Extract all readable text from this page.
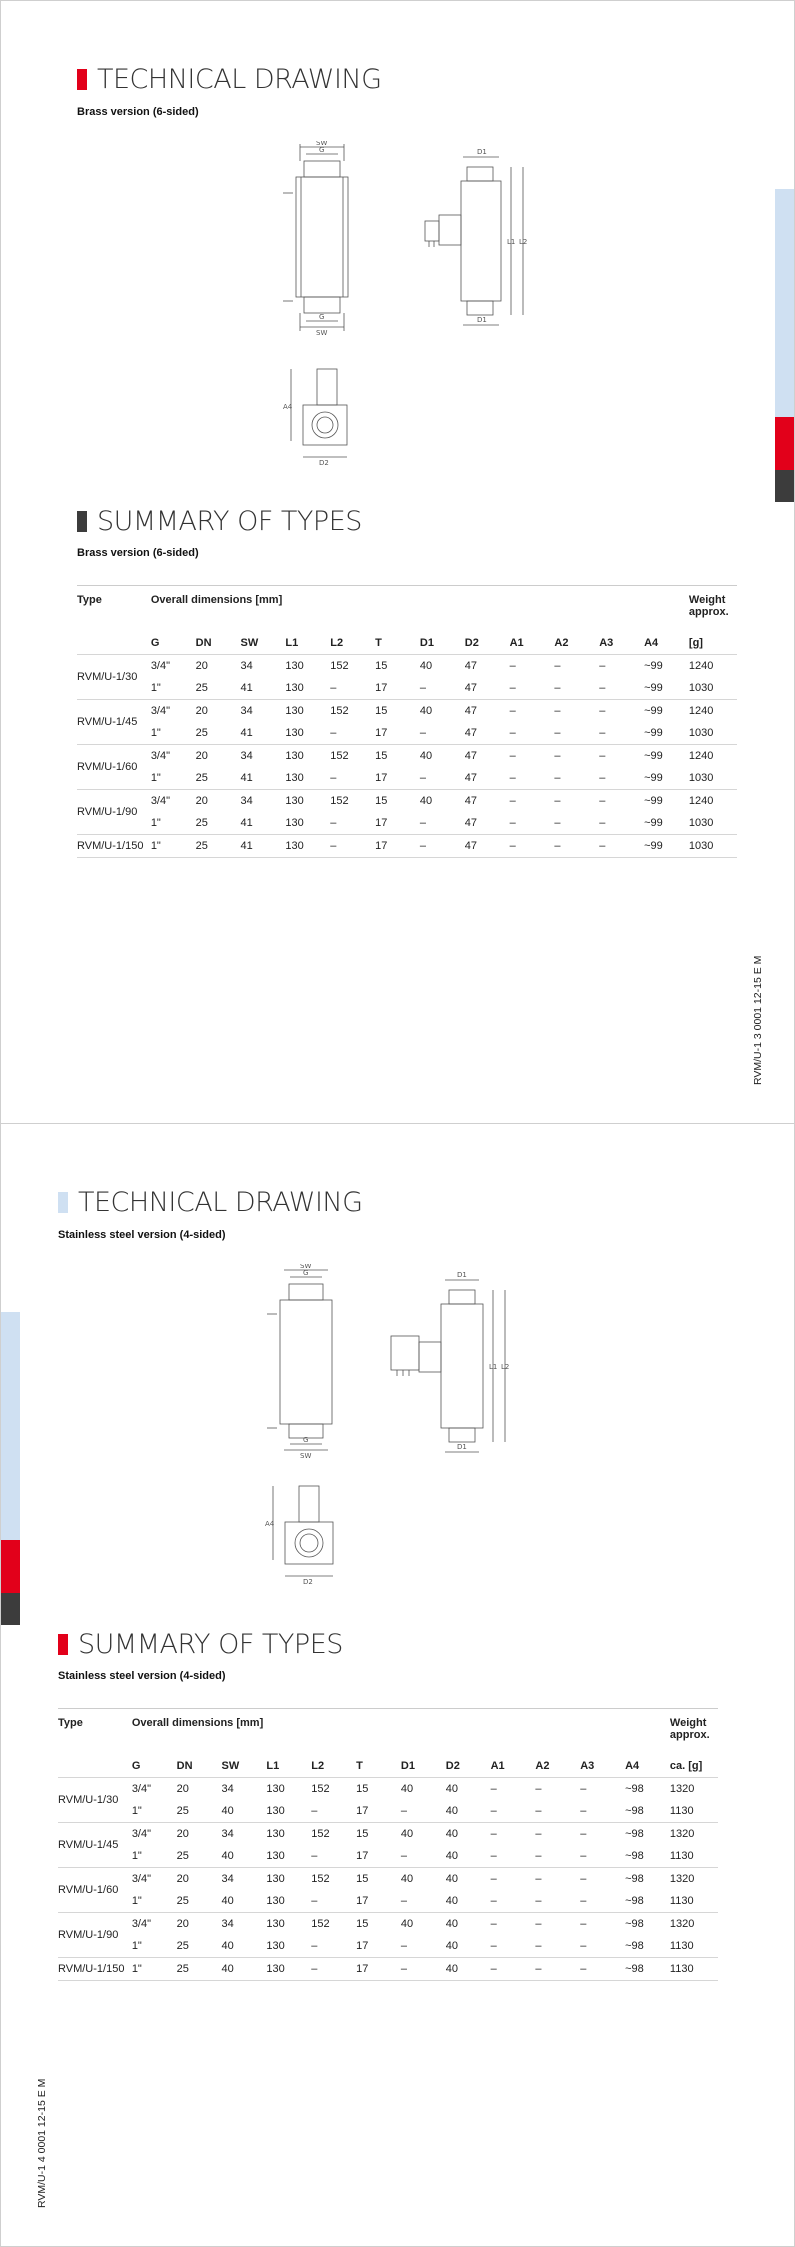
TECHNICAL DRAWING
Brass version (6-sided)
SW
G
G
SW
D1
D1
L1 L2
A4
D2
SUMMARY OF TYPES
Brass version (6-sided)
Type	Overall dimensions [mm]												Weight approx.
	G	DN	SW	L1	L2	T	D1	D2	A1	A2	A3	A4	[g]
RVM/U-1/30	3/4"	20	34	130	152	15	40	47	–	–	–	~99	1240
	1"	25	41	130	–	17	–	47	–	–	–	~99	1030
RVM/U-1/45	3/4"	20	34	130	152	15	40	47	–	–	–	~99	1240
	1"	25	41	130	–	17	–	47	–	–	–	~99	1030
RVM/U-1/60	3/4"	20	34	130	152	15	40	47	–	–	–	~99	1240
	1"	25	41	130	–	17	–	47	–	–	–	~99	1030
RVM/U-1/90	3/4"	20	34	130	152	15	40	47	–	–	–	~99	1240
	1"	25	41	130	–	17	–	47	–	–	–	~99	1030
RVM/U-1/150	1"	25	41	130	–	17	–	47	–	–	–	~99	1030
RVM/U-1 3 0001 12-15 E M
TECHNICAL DRAWING
Stainless steel version (4-sided)
SW
G
G
SW
D1
D1
L1 L2
A4
D2
SUMMARY OF TYPES
Stainless steel version (4-sided)
Type	Overall dimensions [mm]												Weight approx.
	G	DN	SW	L1	L2	T	D1	D2	A1	A2	A3	A4	ca. [g]
RVM/U-1/30	3/4"	20	34	130	152	15	40	40	–	–	–	~98	1320
	1"	25	40	130	–	17	–	40	–	–	–	~98	1130
RVM/U-1/45	3/4"	20	34	130	152	15	40	40	–	–	–	~98	1320
	1"	25	40	130	–	17	–	40	–	–	–	~98	1130
RVM/U-1/60	3/4"	20	34	130	152	15	40	40	–	–	–	~98	1320
	1"	25	40	130	–	17	–	40	–	–	–	~98	1130
RVM/U-1/90	3/4"	20	34	130	152	15	40	40	–	–	–	~98	1320
	1"	25	40	130	–	17	–	40	–	–	–	~98	1130
RVM/U-1/150	1"	25	40	130	–	17	–	40	–	–	–	~98	1130
RVM/U-1 4 0001 12-15 E M
